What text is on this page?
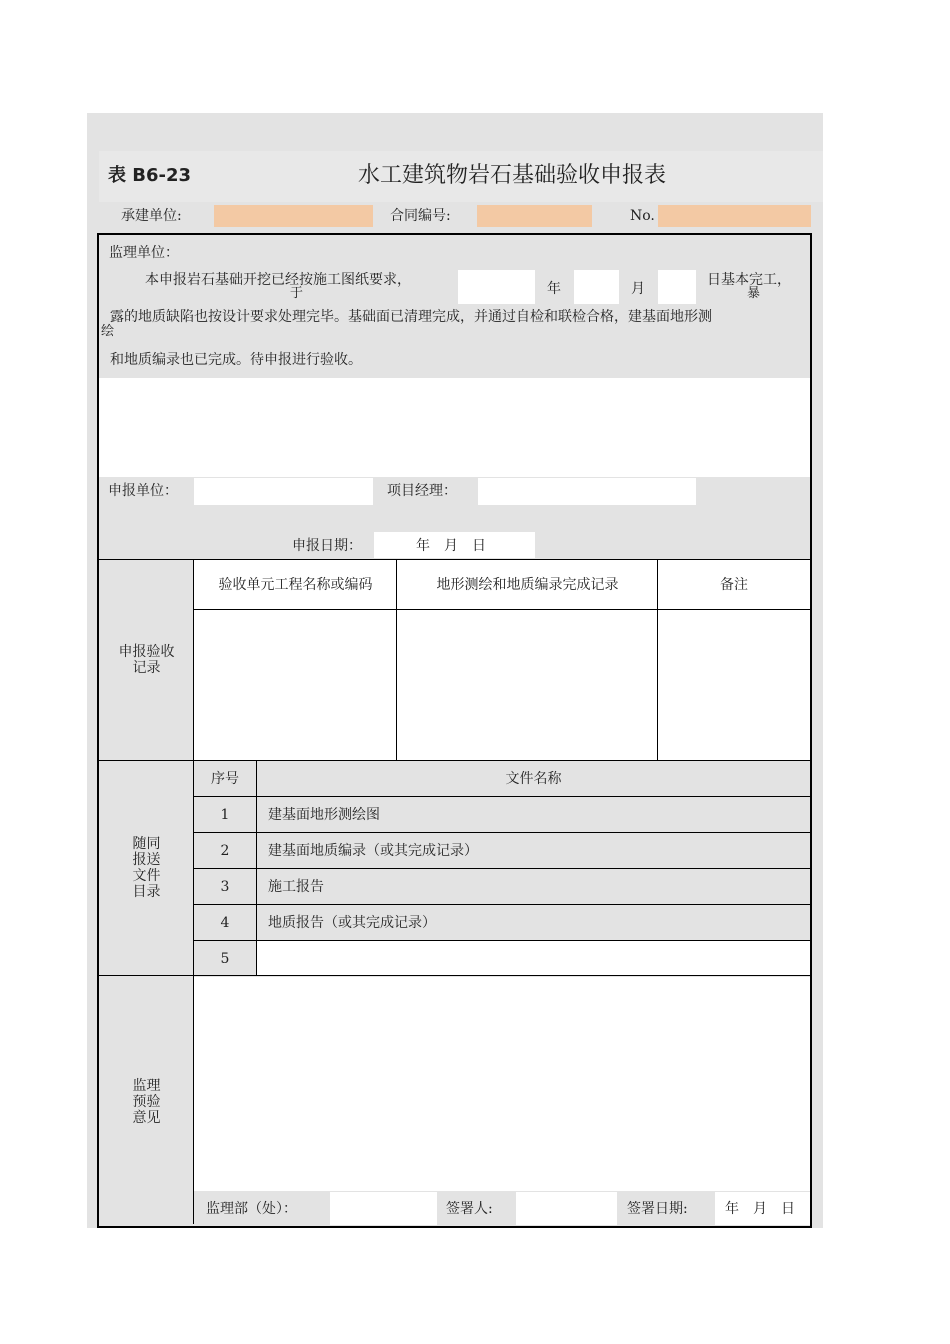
表 B6-23	水工建筑物岩石基础验收申报表
承建单位:	合同编号:	No.
监理单位：
本申报岩石基础开挖已经按施工图纸要求，
于	年	月
日基本完工，
暴
露的地质缺陷也按设计要求处理完毕。基础面已清理完成，并通过自检和联检合格，建基面地形测
绘
和地质编录也已完成。待申报进行验收。
申报单位：	项目经理：
申报日期：	年　月　日
申报验收
记录
验收单元工程名称或编码	地形测绘和地质编录完成记录	备注
随同
报送
文件
目录
序号	文件名称
1	建基面地形测绘图
2	建基面地质编录（或其完成记录）
3	施工报告
4	地质报告（或其完成记录）
5
监理
预验
意见
监理部（处）：	签署人:	签署日期:	年　月　日
